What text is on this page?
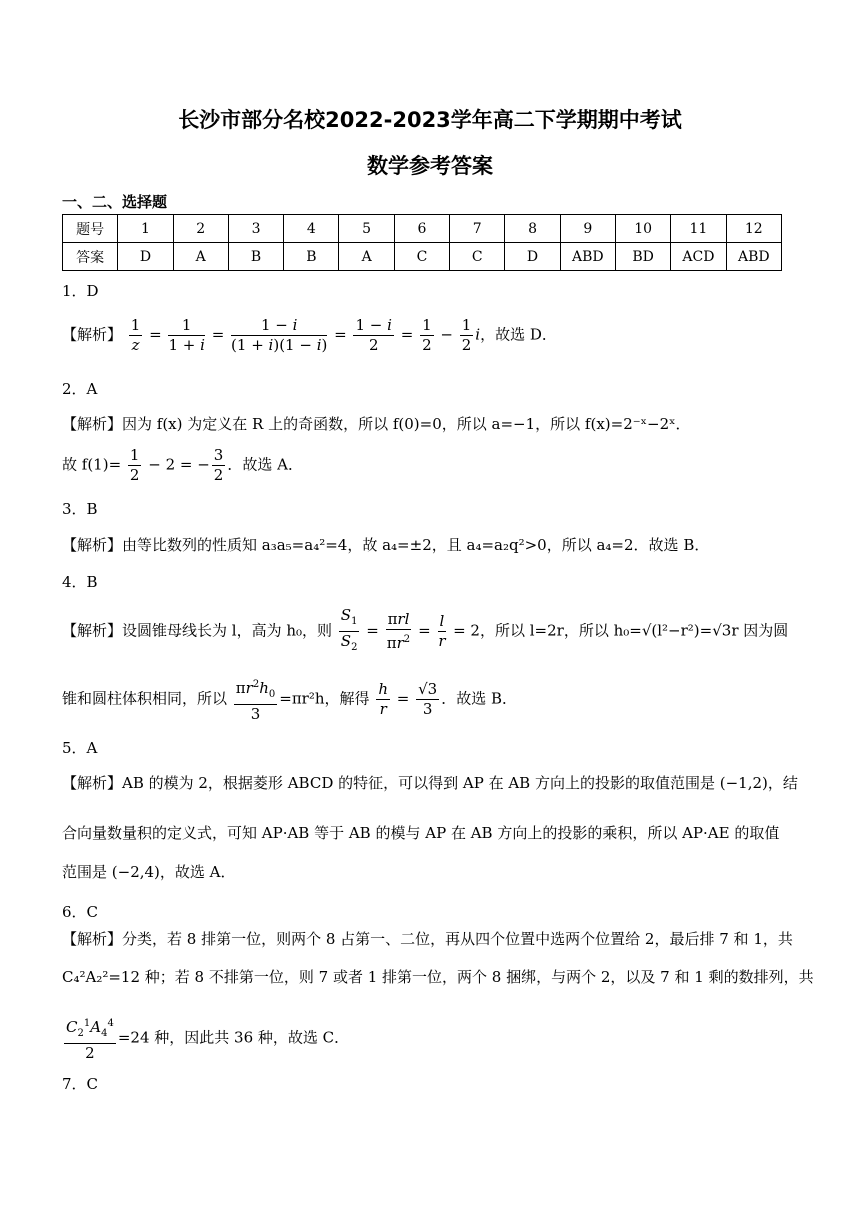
长沙市部分名校2022-2023学年高二下学期期中考试
数学参考答案
一、二、选择题
题号	1	2	3	4	5	6	7	8	9	10	11	12
答案	D	A	B	B	A	C	C	D	ABD	BD	ACD	ABD
1．D
【解析】 $\frac{1}{z} = \frac{1}{1 + i} = \frac{1 - i}{(1 + i)(1 - i)} = \frac{1 - i}{2} = \frac{1}{2} - \frac{1}{2}$ i，故选 D．
2．A
【解析】因为 f(x) 为定义在 R 上的奇函数，所以 f(0)=0，所以 a=−1，所以 f(x)=2⁻ˣ−2ˣ．
故 $f(1)= \frac{1}{2} - 2$ = − $\frac{3}{2}$ ．故选 A．
3．B
【解析】由等比数列的性质知 a₃a₅=a₄²=4，故 a₄=±2，且 a₄=a₂q²>0，所以 a₄=2．故选 B．
4．B
【解析】设圆锥母线长为 l，高为 h₀，则 $\frac{S_1}{S_2} = \frac{\text{πrl}}{\pi r^2} = \frac{l}{r} = 2$，所以 l=2r，所以 h₀=√(l²−r²)=√3r 因为圆
锥和圆柱体积相同，所以 $\frac{\pi r^2h_0}{3} =\pi r^2h$，解得 $\frac{h}{r} = \frac{√3}{3}$ ．故选 B．
5．A
【解析】AB 的模为 2，根据菱形 ABCD 的特征，可以得到 AP 在 AB 方向上的投影的取值范围是 (−1,2)，结
合向量数量积的定义式，可知 AP·AB 等于 AB 的模与 AP 在 AB 方向上的投影的乘积，所以 AP·AE 的取值
范围是 (−2,4)，故选 A．
6．C
【解析】分类，若 8 排第一位，则两个 8 占第一、二位，再从四个位置中选两个位置给 2，最后排 7 和 1，共
C₄²A₂²=12 种；若 8 不排第一位，则 7 或者 1 排第一位，两个 8 捆绑，与两个 2，以及 7 和 1 剩的数排列，共
$\frac{C_2^1A_4^4}{2} =24$ 种，因此共 36 种，故选 C．
7．C
